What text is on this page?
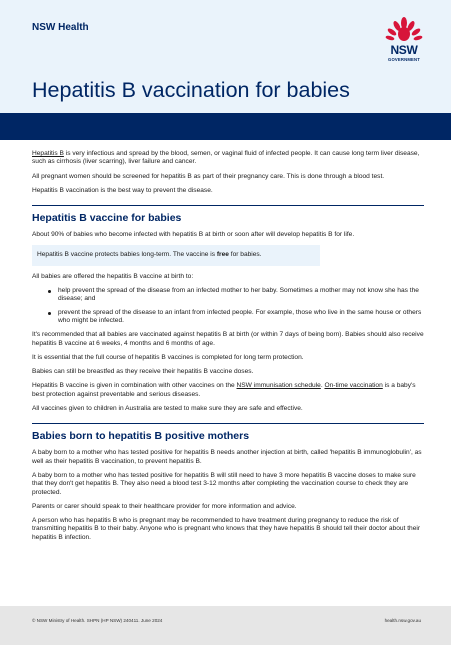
NSW Health
Hepatitis B vaccination for babies
NSW
GOVERNMENT

Hepatitis B is very infectious and spread by the blood, semen, or vaginal fluid of infected people. It can cause long term liver disease, such as cirrhosis (liver scarring), liver failure and cancer.

All pregnant women should be screened for hepatitis B as part of their pregnancy care. This is done through a blood test.

Hepatitis B vaccination is the best way to prevent the disease.

Hepatitis B vaccine for babies

About 90% of babies who become infected with hepatitis B at birth or soon after will develop hepatitis B for life.

Hepatitis B vaccine protects babies long-term. The vaccine is free for babies.

All babies are offered the hepatitis B vaccine at birth to:

help prevent the spread of the disease from an infected mother to her baby. Sometimes a mother may not know she has the disease; and
prevent the spread of the disease to an infant from infected people. For example, those who live in the same house or others who might be infected.

It's recommended that all babies are vaccinated against hepatitis B at birth (or within 7 days of being born). Babies should also receive hepatitis B vaccine at 6 weeks, 4 months and 6 months of age.

It is essential that the full course of hepatitis B vaccines is completed for long term protection.

Babies can still be breastfed as they receive their hepatitis B vaccine doses.

Hepatitis B vaccine is given in combination with other vaccines on the NSW immunisation schedule. On-time vaccination is a baby's best protection against preventable and serious diseases.

All vaccines given to children in Australia are tested to make sure they are safe and effective.

Babies born to hepatitis B positive mothers

A baby born to a mother who has tested positive for hepatitis B needs another injection at birth, called 'hepatitis B immunoglobulin', as well as their hepatitis B vaccination, to prevent hepatitis B.

A baby born to a mother who has tested positive for hepatitis B will still need to have 3 more hepatitis B vaccine doses to make sure that they don't get hepatitis B. They also need a blood test 3-12 months after completing the vaccination course to check they are protected.

Parents or carer should speak to their healthcare provider for more information and advice.

A person who has hepatitis B who is pregnant may be recommended to have treatment during pregnancy to reduce the risk of transmitting hepatitis B to their baby. Anyone who is pregnant who knows that they have hepatitis B should tell their doctor about their hepatitis B infection.

© NSW Ministry of Health. SHPN (HP NSW) 240411. June 2024	health.nsw.gov.au
